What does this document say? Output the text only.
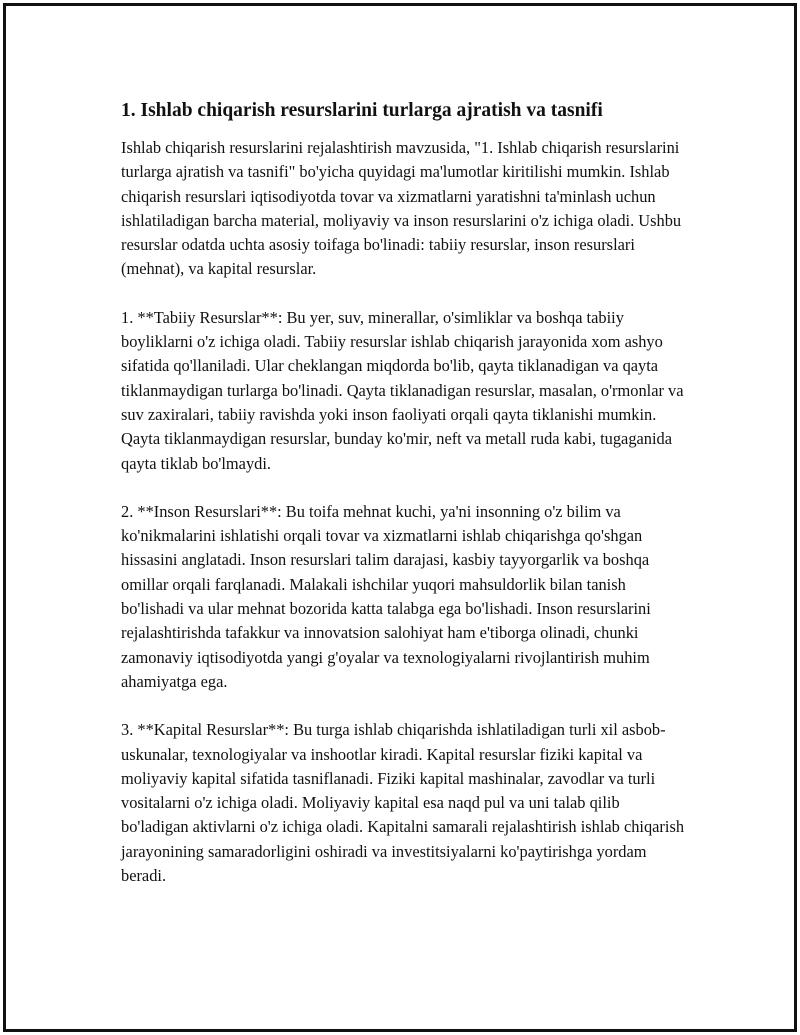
1. Ishlab chiqarish resurslarini turlarga ajratish va tasnifi

Ishlab chiqarish resurslarini rejalashtirish mavzusida, "1. Ishlab chiqarish resurslarini turlarga ajratish va tasnifi" bo'yicha quyidagi ma'lumotlar kiritilishi mumkin. Ishlab chiqarish resurslari iqtisodiyotda tovar va xizmatlarni yaratishni ta'minlash uchun ishlatiladigan barcha material, moliyaviy va inson resurslarini o'z ichiga oladi. Ushbu resurslar odatda uchta asosiy toifaga bo'linadi: tabiiy resurslar, inson resurslari (mehnat), va kapital resurslar.

1. **Tabiiy Resurslar**: Bu yer, suv, minerallar, o'simliklar va boshqa tabiiy boyliklarni o'z ichiga oladi. Tabiiy resurslar ishlab chiqarish jarayonida xom ashyo sifatida qo'llaniladi. Ular cheklangan miqdorda bo'lib, qayta tiklanadigan va qayta tiklanmaydigan turlarga bo'linadi. Qayta tiklanadigan resurslar, masalan, o'rmonlar va suv zaxiralari, tabiiy ravishda yoki inson faoliyati orqali qayta tiklanishi mumkin. Qayta tiklanmaydigan resurslar, bunday ko'mir, neft va metall ruda kabi, tugaganida qayta tiklab bo'lmaydi.

2. **Inson Resurslari**: Bu toifa mehnat kuchi, ya'ni insonning o'z bilim va ko'nikmalarini ishlatishi orqali tovar va xizmatlarni ishlab chiqarishga qo'shgan hissasini anglatadi. Inson resurslari talim darajasi, kasbiy tayyorgarlik va boshqa omillar orqali farqlanadi. Malakali ishchilar yuqori mahsuldorlik bilan tanish bo'lishadi va ular mehnat bozorida katta talabga ega bo'lishadi. Inson resurslarini rejalashtirishda tafakkur va innovatsion salohiyat ham e'tiborga olinadi, chunki zamonaviy iqtisodiyotda yangi g'oyalar va texnologiyalarni rivojlantirish muhim ahamiyatga ega.

3. **Kapital Resurslar**: Bu turga ishlab chiqarishda ishlatiladigan turli xil asbob-uskunalar, texnologiyalar va inshootlar kiradi. Kapital resurslar fiziki kapital va moliyaviy kapital sifatida tasniflanadi. Fiziki kapital mashinalar, zavodlar va turli vositalarni o'z ichiga oladi. Moliyaviy kapital esa naqd pul va uni talab qilib bo'ladigan aktivlarni o'z ichiga oladi. Kapitalni samarali rejalashtirish ishlab chiqarish jarayonining samaradorligini oshiradi va investitsiyalarni ko'paytirishga yordam beradi.
